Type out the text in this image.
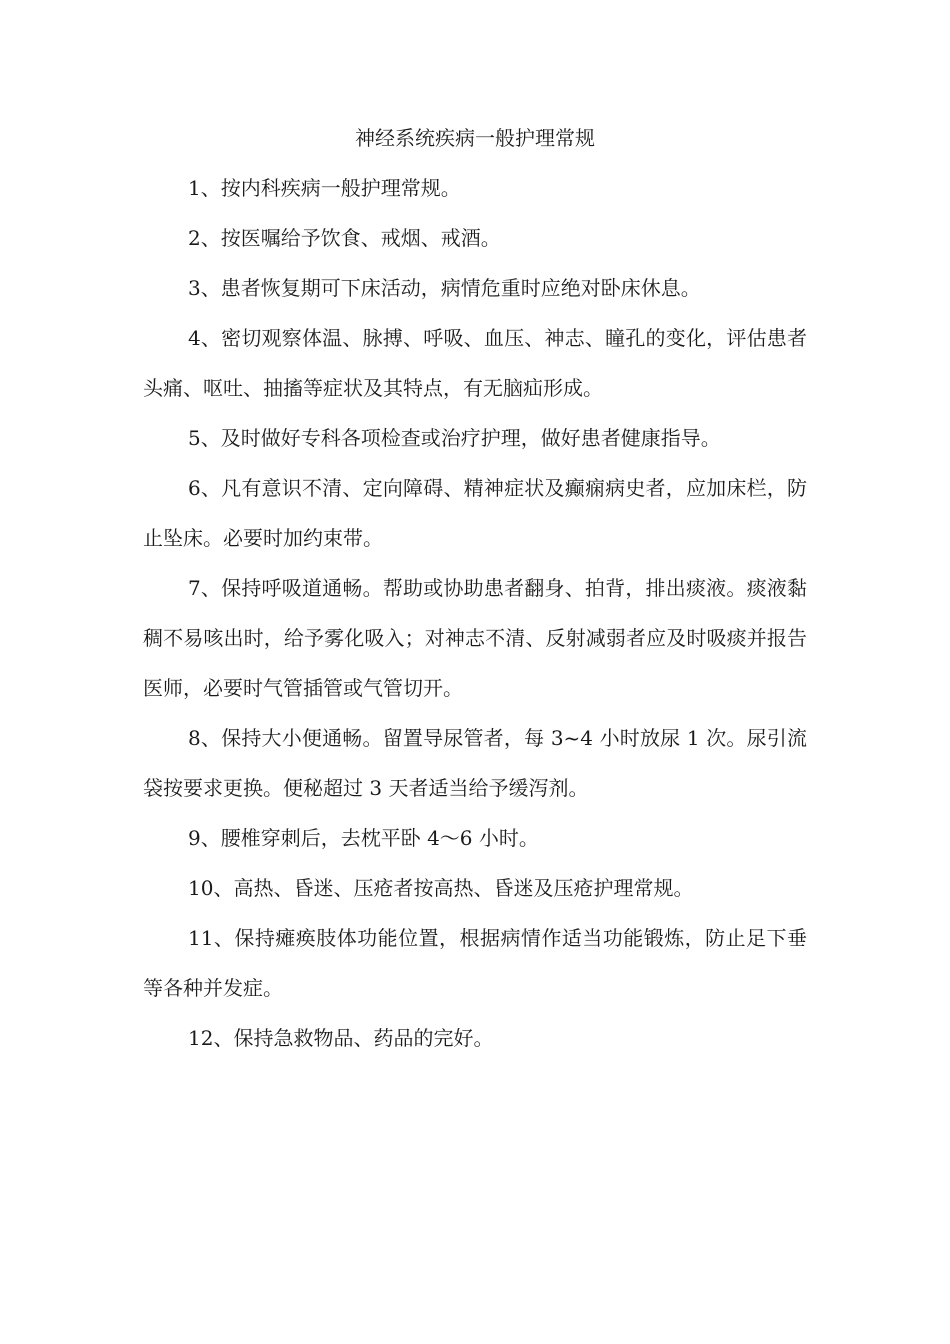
神经系统疾病一般护理常规

1、按内科疾病一般护理常规。

2、按医嘱给予饮食、戒烟、戒酒。

3、患者恢复期可下床活动，病情危重时应绝对卧床休息。

4、密切观察体温、脉搏、呼吸、血压、神志、瞳孔的变化，评估患者头痛、呕吐、抽搐等症状及其特点，有无脑疝形成。

5、及时做好专科各项检查或治疗护理，做好患者健康指导。

6、凡有意识不清、定向障碍、精神症状及癫痫病史者，应加床栏，防止坠床。必要时加约束带。

7、保持呼吸道通畅。帮助或协助患者翻身、拍背，排出痰液。痰液黏稠不易咳出时，给予雾化吸入；对神志不清、反射减弱者应及时吸痰并报告医师，必要时气管插管或气管切开。

8、保持大小便通畅。留置导尿管者，每 3~4 小时放尿 1 次。尿引流袋按要求更换。便秘超过 3 天者适当给予缓泻剂。

9、腰椎穿刺后，去枕平卧 4～6 小时。

10、高热、昏迷、压疮者按高热、昏迷及压疮护理常规。

11、保持瘫痪肢体功能位置，根据病情作适当功能锻炼，防止足下垂等各种并发症。

12、保持急救物品、药品的完好。
